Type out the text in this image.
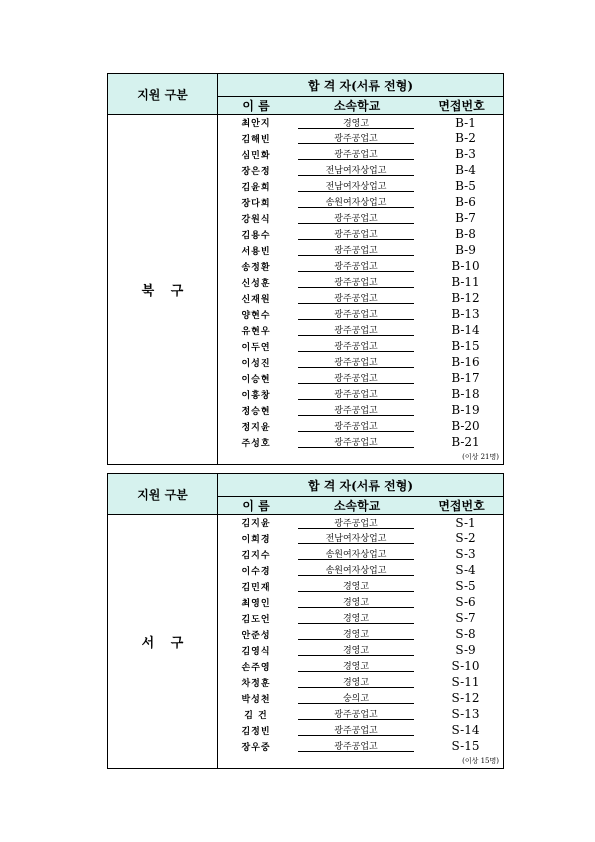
지원 구분
합 격 자(서류 전형)
이 름	소속학교	면접번호
북 구
최안지	경영고	B-1
김해빈	광주공업고	B-2
심민화	광주공업고	B-3
장은정	전남여자상업고	B-4
김윤희	전남여자상업고	B-5
장다희	송원여자상업고	B-6
강원식	광주공업고	B-7
김용수	광주공업고	B-8
서용빈	광주공업고	B-9
송정환	광주공업고	B-10
신성훈	광주공업고	B-11
신재원	광주공업고	B-12
양현수	광주공업고	B-13
유현우	광주공업고	B-14
이두연	광주공업고	B-15
이성진	광주공업고	B-16
이승현	광주공업고	B-17
이흥창	광주공업고	B-18
정승현	광주공업고	B-19
정지윤	광주공업고	B-20
주성호	광주공업고	B-21
(이상 21명)
지원 구분
합 격 자(서류 전형)
이 름	소속학교	면접번호
서 구
김지윤	광주공업고	S-1
이희경	전남여자상업고	S-2
김지수	송원여자상업고	S-3
이수경	송원여자상업고	S-4
김민재	경영고	S-5
최영인	경영고	S-6
김도언	경영고	S-7
안준성	경영고	S-8
김영식	경영고	S-9
손주영	경영고	S-10
차정훈	경영고	S-11
박성천	숭의고	S-12
김 건	광주공업고	S-13
김정빈	광주공업고	S-14
장우중	광주공업고	S-15
(이상 15명)
